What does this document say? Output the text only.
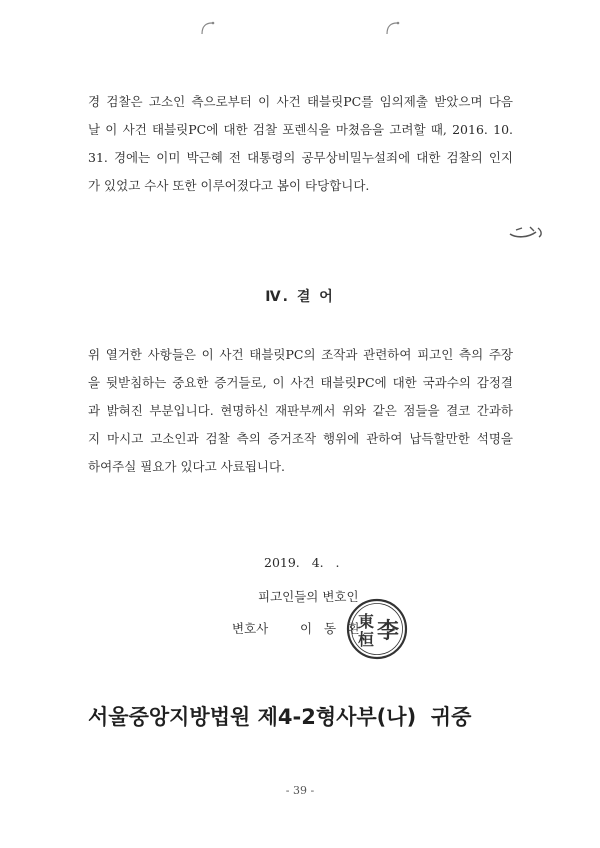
경 검찰은 고소인 측으로부터 이 사건 태블릿PC를 임의제출 받았으며 다음
날 이 사건 태블릿PC에 대한 검찰 포렌식을 마쳤음을 고려할 때, 2016. 10.
31. 경에는 이미 박근혜 전 대통령의 공무상비밀누설죄에 대한 검찰의 인지
가 있었고 수사 또한 이루어졌다고 봄이 타당합니다.

Ⅳ. 결 어

위 열거한 사항들은 이 사건 태블릿PC의 조작과 관련하여 피고인 측의 주장
을 뒷받침하는 중요한 증거들로, 이 사건 태블릿PC에 대한 국과수의 감정결
과 밝혀진 부분입니다. 현명하신 재판부께서 위와 같은 점들을 결코 간과하
지 마시고 고소인과 검찰 측의 증거조작 행위에 관하여 납득할만한 석명을
하여주실 필요가 있다고 사료됩니다.

2019.   4.   .
피고인들의 변호인
변호사	이 동 환
東
桓 李
서울중앙지방법원 제4-2형사부(나)  귀중
- 39 -
